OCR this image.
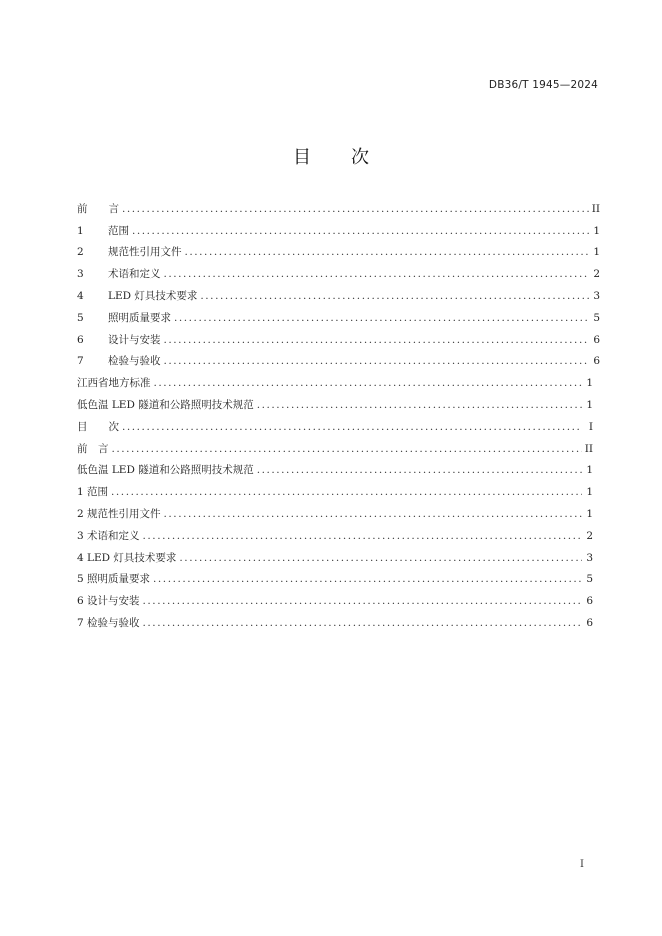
DB36/T 1945—2024
目 次
前　　言 .....	II
1 范围 .....	1
2 规范性引用文件 .....	1
3 术语和定义 .....	2
4 LED 灯具技术要求 .....	3
5 照明质量要求 .....	5
6 设计与安装 .....	6
7 检验与验收 .....	6
江西省地方标准 .....	1
低色温 LED 隧道和公路照明技术规范 .....	1
目　　次 .....	I
前　言 .....	II
低色温 LED 隧道和公路照明技术规范 .....	1
1 范围 .....	1
2 规范性引用文件 .....	1
3 术语和定义 .....	2
4 LED 灯具技术要求 .....	3
5 照明质量要求 .....	5
6 设计与安装 .....	6
7 检验与验收 .....	6
I
